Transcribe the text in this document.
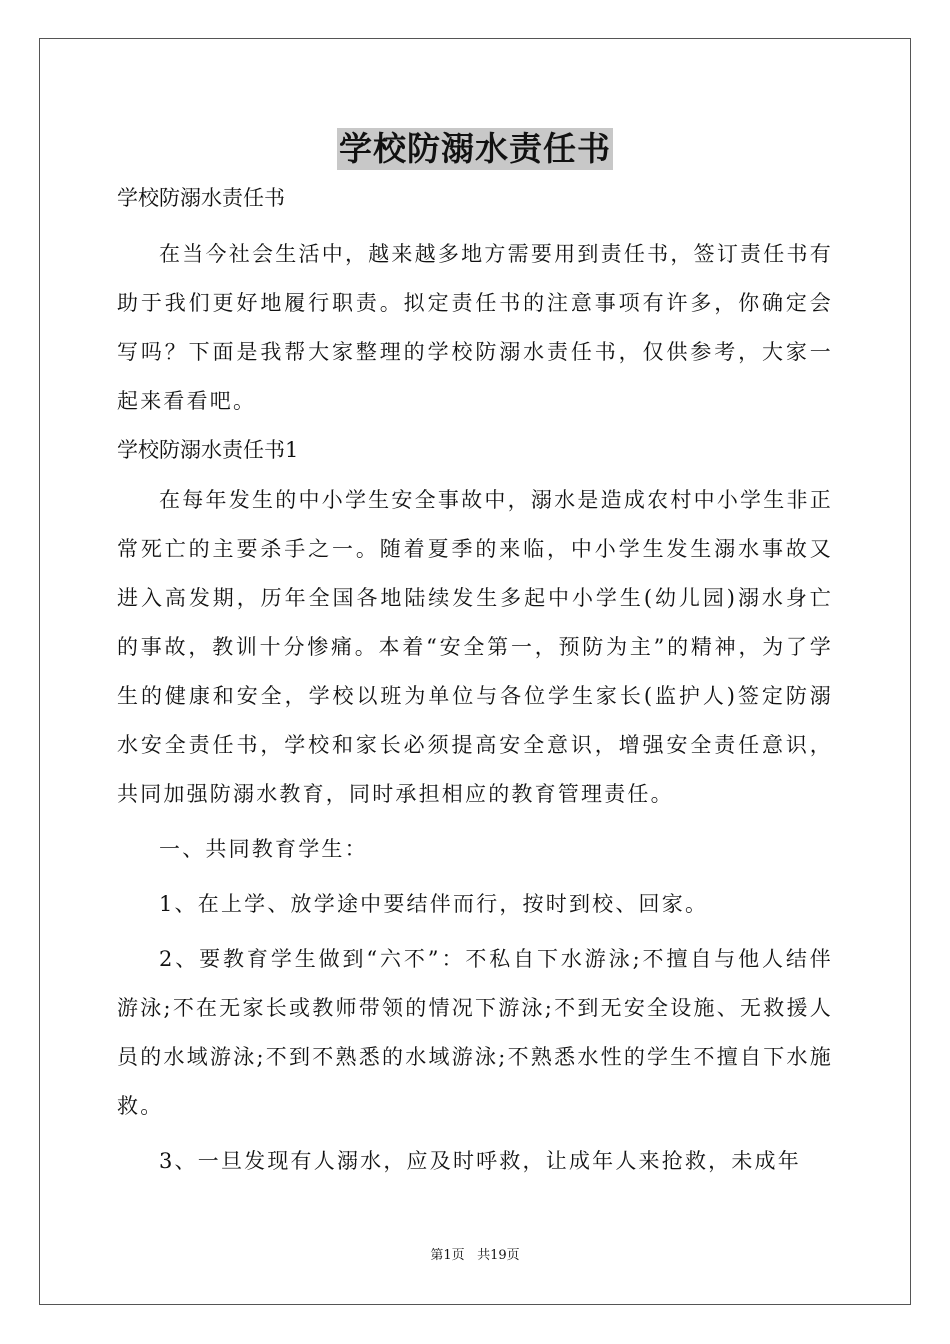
学校防溺水责任书

学校防溺水责任书

在当今社会生活中，越来越多地方需要用到责任书，签订责任书有助于我们更好地履行职责。拟定责任书的注意事项有许多，你确定会写吗？下面是我帮大家整理的学校防溺水责任书，仅供参考，大家一起来看看吧。

学校防溺水责任书1

在每年发生的中小学生安全事故中，溺水是造成农村中小学生非正常死亡的主要杀手之一。随着夏季的来临，中小学生发生溺水事故又进入高发期，历年全国各地陆续发生多起中小学生(幼儿园)溺水身亡的事故，教训十分惨痛。本着“安全第一，预防为主”的精神，为了学生的健康和安全，学校以班为单位与各位学生家长(监护人)签定防溺水安全责任书，学校和家长必须提高安全意识，增强安全责任意识，共同加强防溺水教育，同时承担相应的教育管理责任。

一、共同教育学生：

1、在上学、放学途中要结伴而行，按时到校、回家。

2、要教育学生做到“六不”：不私自下水游泳;不擅自与他人结伴游泳;不在无家长或教师带领的情况下游泳;不到无安全设施、无救援人员的水域游泳;不到不熟悉的水域游泳;不熟悉水性的学生不擅自下水施救。

3、一旦发现有人溺水，应及时呼救，让成年人来抢救，未成年

第1页 共19页
